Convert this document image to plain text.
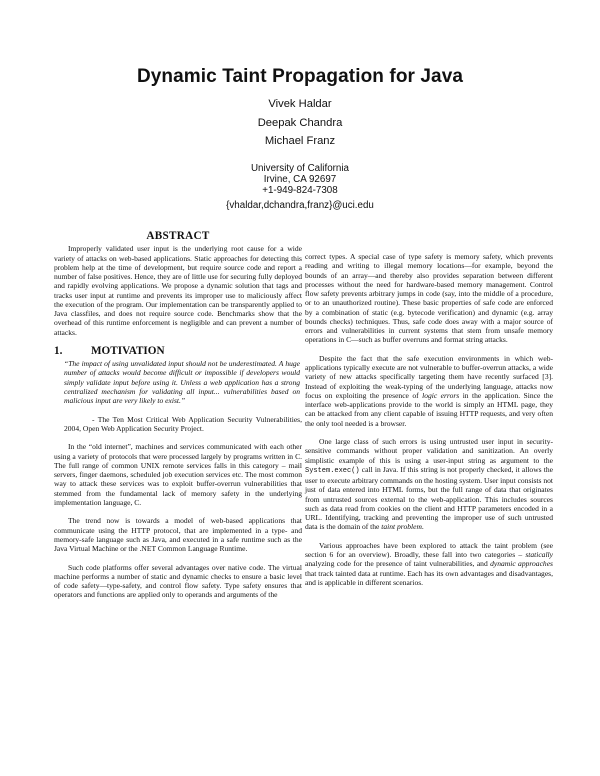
Dynamic Taint Propagation for Java
Vivek Haldar
Deepak Chandra
Michael Franz
University of California
Irvine, CA 92697
+1-949-824-7308
{vhaldar,dchandra,franz}@uci.edu

ABSTRACT

Improperly validated user input is the underlying root cause for a wide variety of attacks on web-based applications. Static approaches for detecting this problem help at the time of development, but require source code and report a number of false positives. Hence, they are of little use for securing fully deployed and rapidly evolving applications. We propose a dynamic solution that tags and tracks user input at runtime and prevents its improper use to maliciously affect the execution of the program. Our implementation can be transparently applied to Java classfiles, and does not require source code. Benchmarks show that the overhead of this runtime enforcement is negligible and can prevent a number of attacks.

1.	MOTIVATION

“The impact of using unvalidated input should not be underestimated. A huge number of attacks would become difficult or impossible if developers would simply validate input before using it. Unless a web application has a strong centralized mechanism for validating all input... vulnerabilities based on malicious input are very likely to exist.”

- The Ten Most Critical Web Application Security Vulnerabilities, 2004, Open Web Application Security Project.

In the “old internet”, machines and services communicated with each other using a variety of protocols that were processed largely by programs written in C. The full range of common UNIX remote services falls in this category – mail servers, finger daemons, scheduled job execution services etc. The most common way to attack these services was to exploit buffer-overrun vulnerabilities that stemmed from the fundamental lack of memory safety in the underlying implementation language, C.

The trend now is towards a model of web-based applications that communicate using the HTTP protocol, that are implemented in a type- and memory-safe language such as Java, and executed in a safe runtime such as the Java Virtual Machine or the .NET Common Language Runtime.

Such code platforms offer several advantages over native code. The virtual machine performs a number of static and dynamic checks to ensure a basic level of code safety—type-safety, and control flow safety. Type safety ensures that operators and functions are applied only to operands and arguments of the

correct types. A special case of type safety is memory safety, which prevents reading and writing to illegal memory locations—for example, beyond the bounds of an array—and thereby also provides separation between different processes without the need for hardware-based memory management. Control flow safety prevents arbitrary jumps in code (say, into the middle of a procedure, or to an unauthorized routine). These basic properties of safe code are enforced by a combination of static (e.g. bytecode verification) and dynamic (e.g. array bounds checks) techniques. Thus, safe code does away with a major source of errors and vulnerabilities in current systems that stem from unsafe memory operations in C—such as buffer overruns and format string attacks.

Despite the fact that the safe execution environments in which web-applications typically execute are not vulnerable to buffer-overrun attacks, a wide variety of new attacks specifically targeting them have recently surfaced [3]. Instead of exploiting the weak-typing of the underlying language, attacks now focus on exploiting the presence of logic errors in the application. Since the interface web-applications provide to the world is simply an HTML page, they can be attacked from any client capable of issuing HTTP requests, and very often the only tool needed is a browser.

One large class of such errors is using untrusted user input in security-sensitive commands without proper validation and sanitization. An overly simplistic example of this is using a user-input string as argument to the System.exec() call in Java. If this string is not properly checked, it allows the user to execute arbitrary commands on the hosting system. User input consists not just of data entered into HTML forms, but the full range of data that originates from untrusted sources external to the web-application. This includes sources such as data read from cookies on the client and HTTP parameters encoded in a URL. Identifying, tracking and preventing the improper use of such untrusted data is the domain of the taint problem.

Various approaches have been explored to attack the taint problem (see section 6 for an overview). Broadly, these fall into two categories – statically analyzing code for the presence of taint vulnerabilities, and dynamic approaches that track tainted data at runtime. Each has its own advantages and disadvantages, and is applicable in different scenarios.
